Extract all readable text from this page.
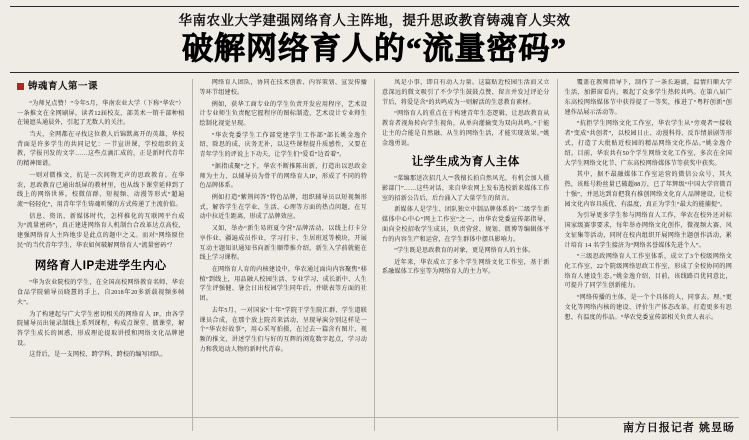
华南农业大学建强网络育人主阵地，提升思政教育铸魂育人实效
破解网络育人的“流量密码”
铸魂育人第一课

“为师兄点赞！”今年5月，华南农业大学（下称“华农”）一条推文在全网刷屏，读者12届校友、部美术一销千部种植在镜遮头通晨外，引起了无数人的关注。

当天，全网都在寻找这位教人后锦默离开的英雄，华校背面是许多学生的共同记忆：一节宣讲课，学校组织的支教，学报刊发的文字……这些点滴汇成的，正是新时代青年的精神图谱。

一则对微推文，抗是一次间物无声的思政教育。在华农，思政教育已通出纸屏的教材里，也从线下课堂延伸到了线上的网络世界。校微信群、短视频、动漫等形式“超遍流”“轻轻化”，用青年学生铸魂听懂的方式传递了主流价值。

信息、资讯、新媒体时代，怎样推化的互联网平台成为“流量密码”，真正建进网络育人机制台合改革达点高校，建强网络育人主阵地步是此点的题中之义。而对“网络原住民”的当代青年学生，华农如何破解网络育人“流量密码”？

网络育人IP走进学生内心

“华为农业院校的学生，在全国高校网络教育名师、华农食品学院辅导员晓慧的手上，自2018年20多新载视频多帧火”。

为了构建起与广大学生密切相关的网络育人 IP，由各学院辅导员出镜录制线上系列课程，构成点课堂、微课堂，解答学生成长的困惑，形成理论提取讲授和网络文化品牌建设。

这背后，是一支网校、跨学科、跨校的编写团队。

网络育人团队，协同在技术创新、内容策划、宣发传播等环节组建校。

例如，获华工商专业的学生负责开发应用程序，艺术设计专业师生负责配它握程序的图标制造，艺术设计专业师生绘制化视觉呈现。

“华农党委学生工作部党建学生工作部”部长姚金逸介绍，除思的成、庆务无补，以这些课程提升质感性，又要在青年学生的评说上下功夫，让学生们“爱看”边看着”。

“据指成聚”之下，华农不断推陈出新，打造出以思政金师为主力、以辅导员为骨干的网络育人IP，形成了不同的特色品牌体系。

例如打造“紫荆问答”特色品牌，组织辅导员以短视频形式，解答学生在学业、生活、心理等方面的热点问题，在互动中拉近生距离，形成了品牌效应。

又如，举办“新生易班夏令营”品牌活动，以线上打卡分享作业、疆遍成员作业，学习打卡、生居班返等模块，开展互动主题知识通知书向新生顺带推介绍，新生入学前就能在线上学习课程。

在网络育人育的内核建设中，华农通过面向内容聚焦“移植”到线上，用品融人校园生活、专业学习、成长新中、人生学生评强健、暑会日出校园学生同年后，并联表等方面的社团。

去年5月，一对国家“十年”学院干学生院汇群、学生道联课员合成，在那个放上院首来活动，呈现导演分别这样是一个“华农好故事”，用心采写拍摄，在过去一篇含有图片、视频的推文，讲述学生们与好的互辉的浏览数字起点，学习动力和我追动人物的新时代青春。

凤是小事，即自有动人力量。这篇贴近校园生活而又立意深远的微文吸引了不少学生鼓鼓点赞、留言并发过评论分节后，将爱是含“的共鸣成为一则解活的生意教育素材。

“网络育人的重点在于构建青年生态逻辑，让思政教育从教育者视角转向学生视角，从单向灌输变为双向共鸣。”于能让主的合能是自然融、从生的网络生活，才能实现效果。”姚金逸勇说。

让学生成为育人主体

“菜编那送次招几人”“我擅长拍自然风光，有机会加人摄影部门”……这些对话，来自华农网上发布选校新来媒体工作室的招新公告后，后台涌入了大量学生的留言。

新媒体人是学生、团队独立中制品牌体系的“二级学生新媒体中心中心”网上工作室”之一，由华农党委宣传部指导，面向全校招收学生成员，负责营营、规划、微博等编辑体平台的内容生产和运营，在学生群体中摆具影响力。

“学生既是思政教育的对象，更是网络育人的主体。

近年来，华农成立了多个学生网络文化工作室，基于新系融媒体工作室等为网络育人的主力军。

覆盖在教师指导下，制作了一条长遍湖，温情归顺大学生活，加滞窗看内，吸起了众多学生热转共鸣。在第八届广东高校网络媒体节中获得提了一等奖，推进了“粤籽创新”创建作品展示活动等。

“抗拒学生网络文化工作室，华农学生从“旁观者”“接收者”变成“共创者”，以校园日止、动漫科得、反诈情景剧等形式，打造了大批贴近校园的精品网络文化作品。”姚金逸介绍，目前，华农共有50个学生网络文化工作室，多次在全国大学生网络文化节、广东高校网络媒体节等获奖中获奖。

其中，据不最融媒体工作室运营的微信公众号，其火热，该账号粉丝量已破超88万，已了年辉级“中国大学官微百十强”，并迅达到育把我有推创网络文化育人品牌建设，让校园文化内容具质优、有温度，真正为学生“最大的能捕捉”。

为引导更多学生参与网络育人工作，华农在校外还对标国家级赛事要求，每年举办网络文化创作，微视频大赛、风文征集等活动，同时在校内组织开展网络主题创作活动，累计培育 14 名学生接济为“网络名誉媒体先进个人”。

“三级思政网络育人工作室体系，成立了3个校级网络文化工作室、22个院级网络思政工作室，形成了全校协同的网络育人建设生态。”姚金逸介绍，目前，该线路百优同意比，可提升了同学生创新能力。

“网络传播的主体，是一个个具体的人，同事去。理。”更文化等网络内核的建设、评价生产体态改革，打造更多有思想、有温度的作品。“华农党委宣传部相关负责人表示。

南方日报记者 姚昱旸
